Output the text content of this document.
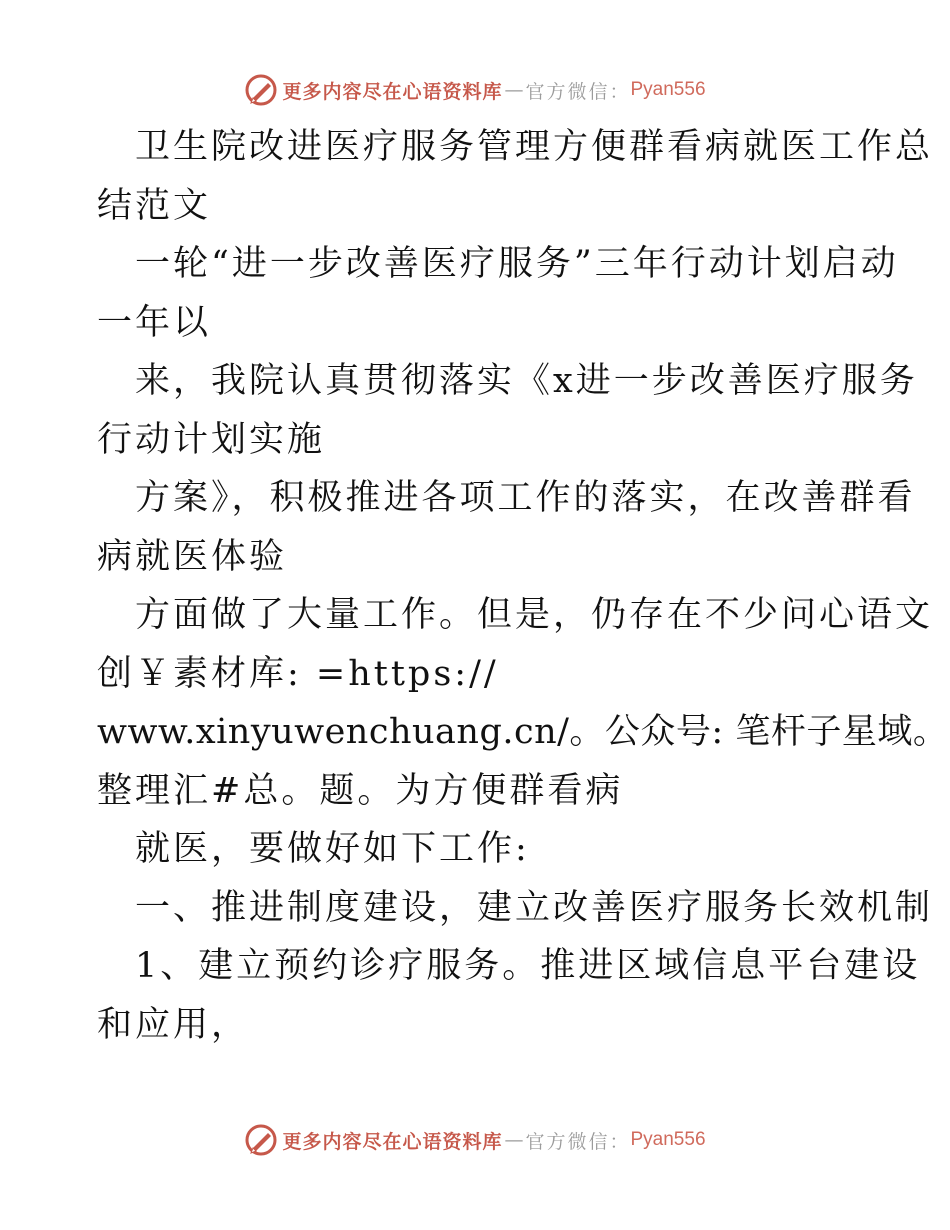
更多内容尽在心语资料库 — 官方微信： Pyan556
卫生院改进医疗服务管理方便群看病就医工作总
结范文
一轮“进一步改善医疗服务”三年行动计划启动
一年以
来，我院认真贯彻落实《x进一步改善医疗服务
行动计划实施
方案》，积极推进各项工作的落实，在改善群看
病就医体验
方面做了大量工作。但是，仍存在不少问心语文
创￥素材库: =https://
www.xinyuwenchuang.cn/。公众号: 笔杆子星域。
整理汇#总。题。为方便群看病
就医，要做好如下工作:
一、推进制度建设，建立改善医疗服务长效机制
1、建立预约诊疗服务。推进区域信息平台建设
和应用，
更多内容尽在心语资料库 — 官方微信： Pyan556
